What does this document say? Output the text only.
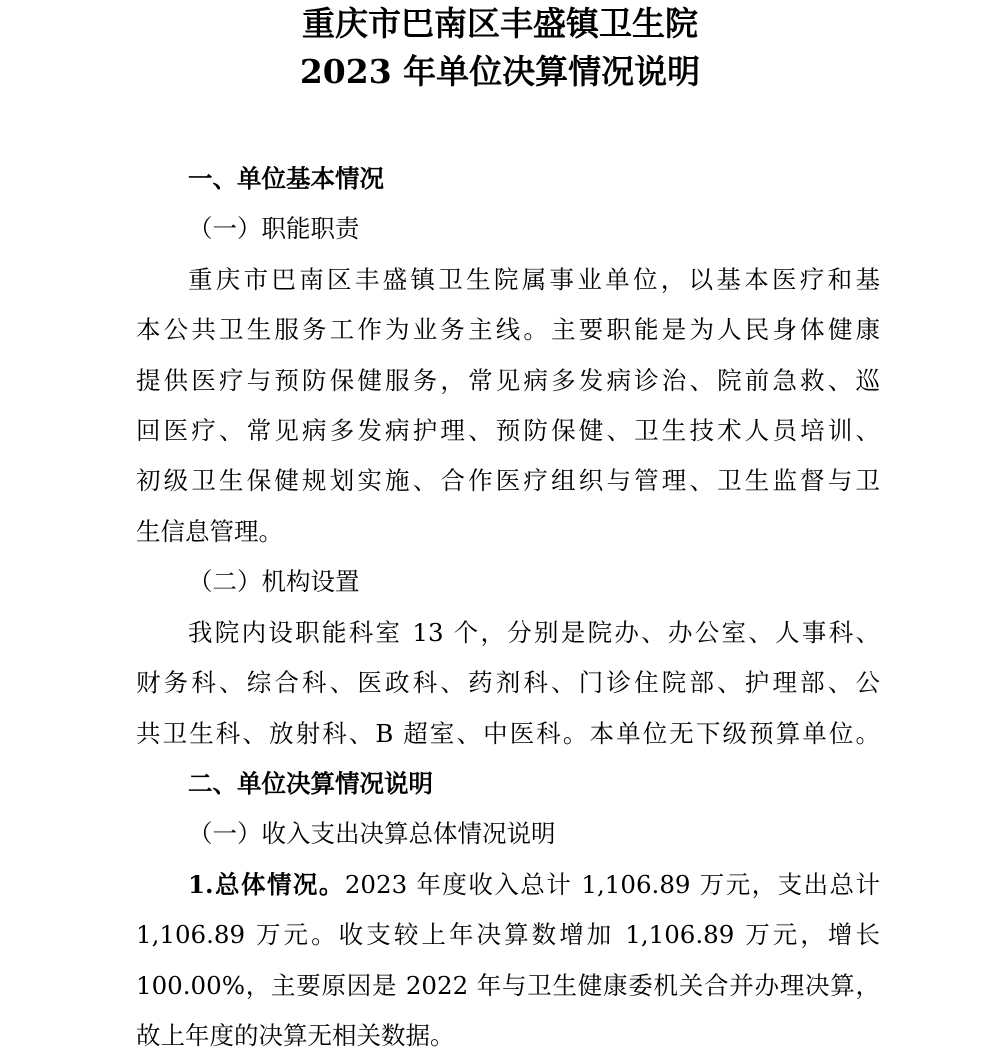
重庆市巴南区丰盛镇卫生院
2023 年单位决算情况说明
一、单位基本情况
（一）职能职责
重庆市巴南区丰盛镇卫生院属事业单位，以基本医疗和基
本公共卫生服务工作为业务主线。主要职能是为人民身体健康
提供医疗与预防保健服务，常见病多发病诊治、院前急救、巡
回医疗、常见病多发病护理、预防保健、卫生技术人员培训、
初级卫生保健规划实施、合作医疗组织与管理、卫生监督与卫
生信息管理。
（二）机构设置
我院内设职能科室 13 个，分别是院办、办公室、人事科、
财务科、综合科、医政科、药剂科、门诊住院部、护理部、公
共卫生科、放射科、B 超室、中医科。本单位无下级预算单位。
二、单位决算情况说明
（一）收入支出决算总体情况说明
1.总体情况。2023 年度收入总计 1,106.89 万元，支出总计
1,106.89 万元。收支较上年决算数增加 1,106.89 万元，增长
100.00%，主要原因是 2022 年与卫生健康委机关合并办理决算，
故上年度的决算无相关数据。
